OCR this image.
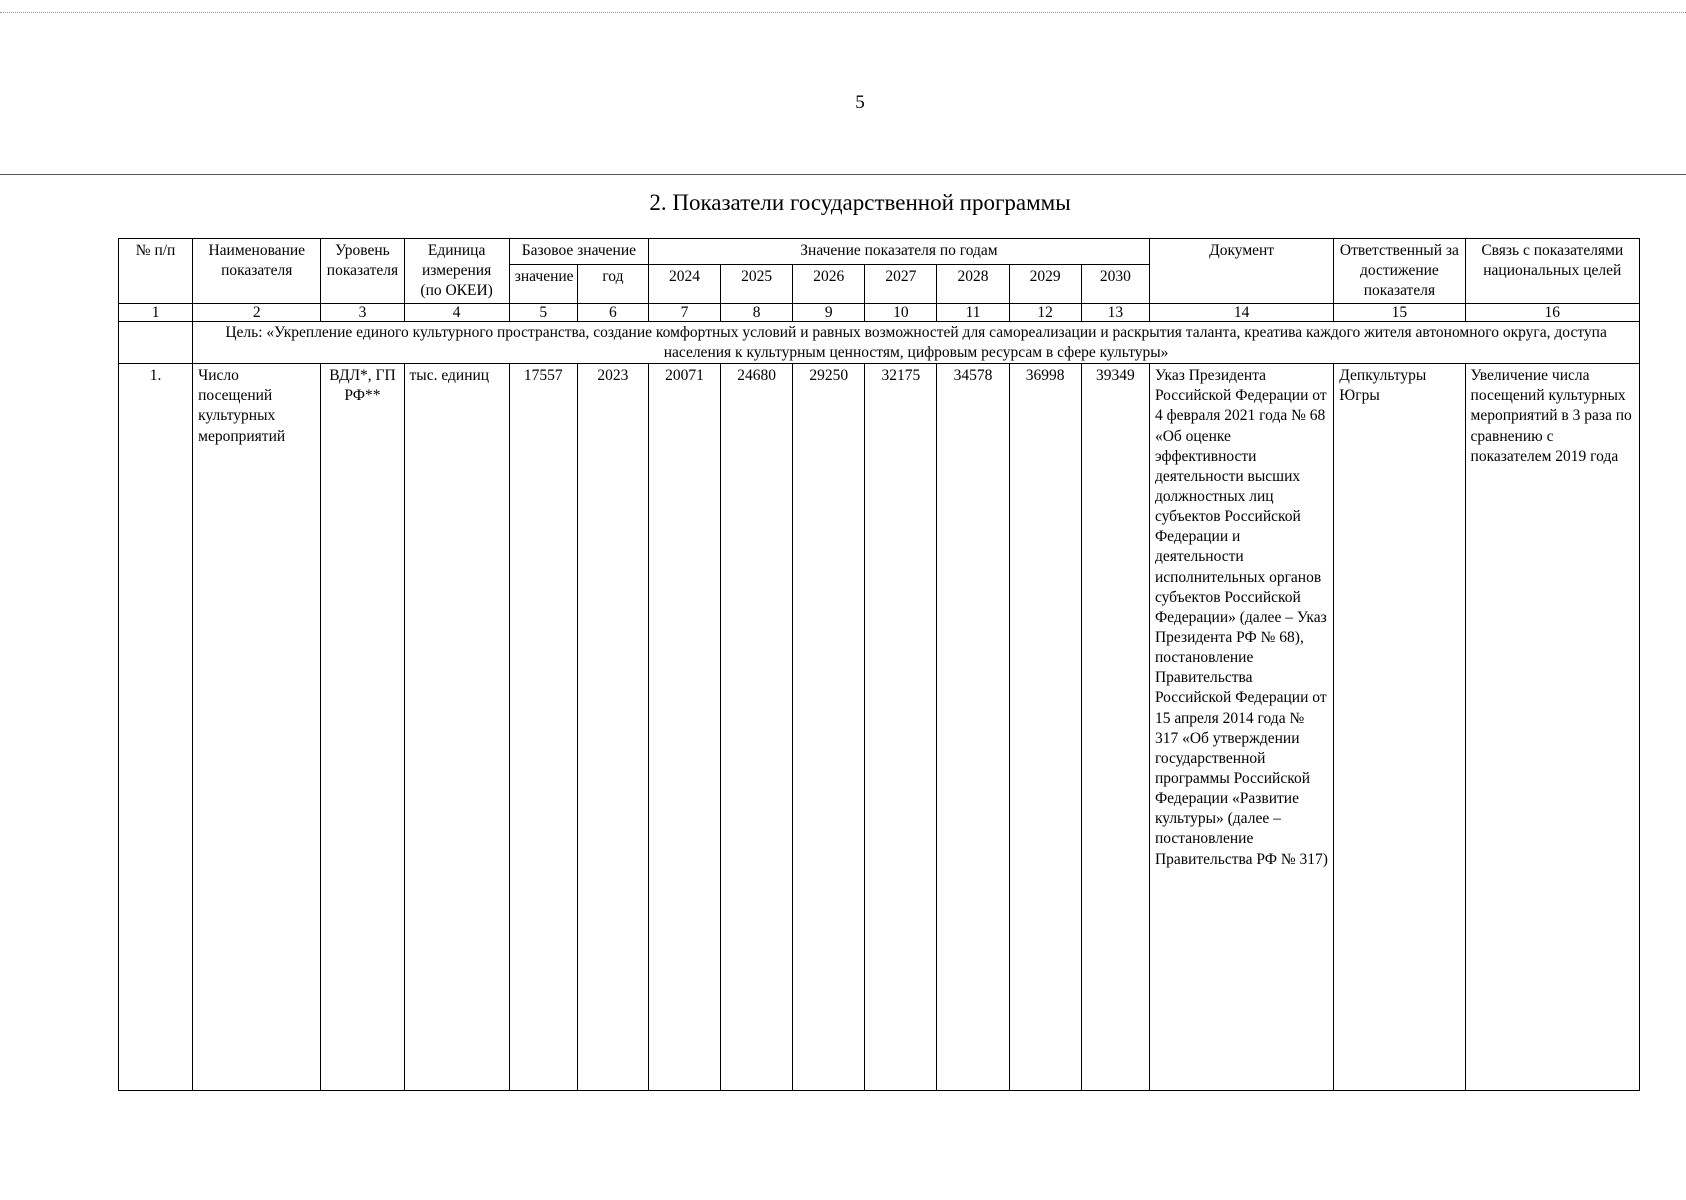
5
2. Показатели государственной программы
№ п/п	Наименование показателя	Уровень показателя	Единица измерения (по ОКЕИ)	Базовое значение		Значение показателя по годам							Документ	Ответственный за достижение показателя	Связь с показателями национальных целей
				значение	год	2024	2025	2026	2027	2028	2029	2030			
1	2	3	4	5	6	7	8	9	10	11	12	13	14	15	16
	Цель: «Укрепление единого культурного пространства, создание комфортных условий и равных возможностей для самореализации и раскрытия таланта, креатива каждого жителя автономного округа, доступа населения к культурным ценностям, цифровым ресурсам в сфере культуры»														
1.	Число посещений культурных мероприятий	ВДЛ*, ГП РФ**	тыс. единиц	17557	2023	20071	24680	29250	32175	34578	36998	39349	Указ Президента Российской Федерации от 4 февраля 2021 года № 68 «Об оценке эффективности деятельности высших должностных лиц субъектов Российской Федерации и деятельности исполнительных органов субъектов Российской Федерации» (далее – Указ Президента РФ № 68), постановление Правительства Российской Федерации от 15 апреля 2014 года № 317 «Об утверждении государственной программы Российской Федерации «Развитие культуры» (далее – постановление Правительства РФ № 317)	Депкультуры Югры	Увеличение числа посещений культурных мероприятий в 3 раза по сравнению с показателем 2019 года
